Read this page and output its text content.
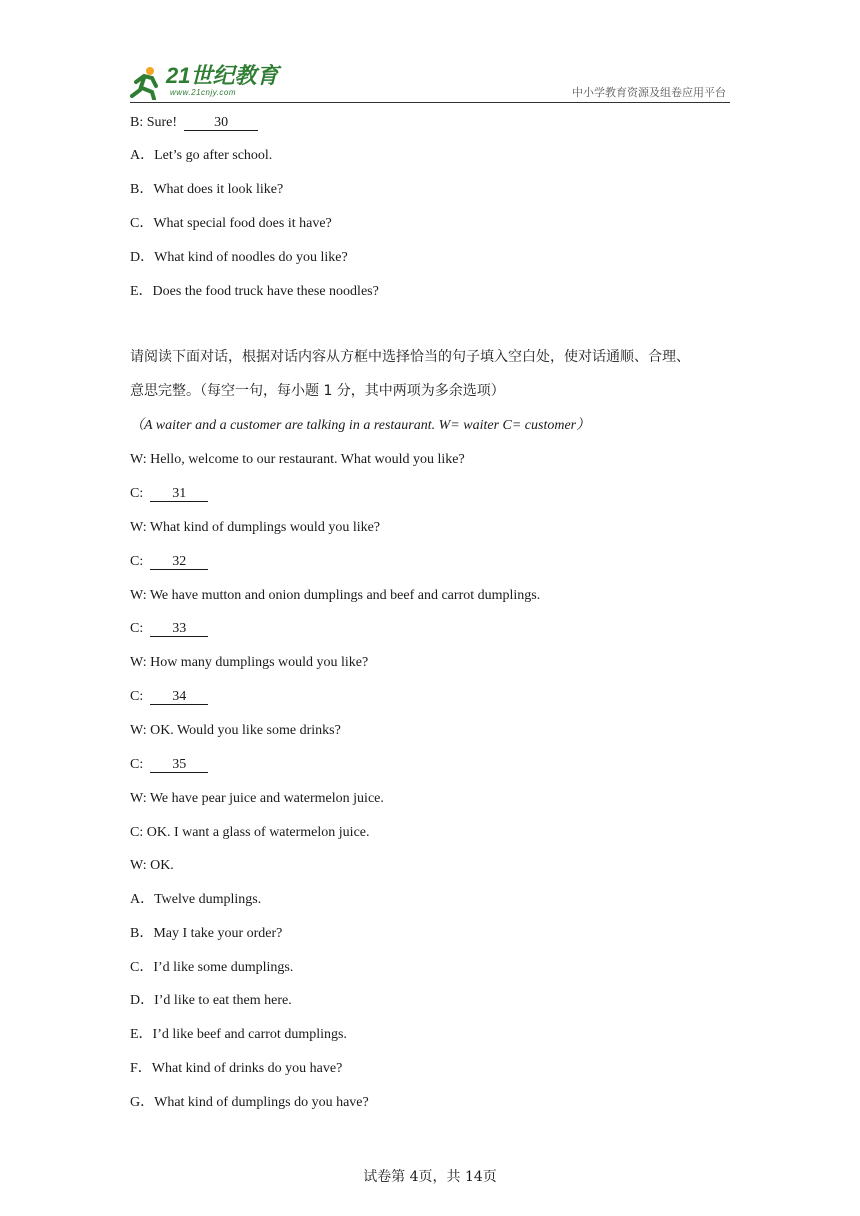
21世纪教育
www.21cnjy.com	中小学教育资源及组卷应用平台
B: Sure!	30
A．Let’s go after school.
B．What does it look like?
C．What special food does it have?
D．What kind of noodles do you like?
E．Does the food truck have these noodles?
请阅读下面对话，根据对话内容从方框中选择恰当的句子填入空白处，使对话通顺、合理、
意思完整。（每空一句，每小题 1 分，其中两项为多余选项）
（A waiter and a customer are talking in a restaurant. W= waiter C= customer）
W: Hello, welcome to our restaurant. What would you like?
C: 31
W: What kind of dumplings would you like?
C: 32
W: We have mutton and onion dumplings and beef and carrot dumplings.
C: 33
W: How many dumplings would you like?
C: 34
W: OK. Would you like some drinks?
C: 35
W: We have pear juice and watermelon juice.
C: OK. I want a glass of watermelon juice.
W: OK.
A．Twelve dumplings.
B．May I take your order?
C．I’d like some dumplings.
D．I’d like to eat them here.
E．I’d like beef and carrot dumplings.
F．What kind of drinks do you have?
G．What kind of dumplings do you have?
试卷第 4页，共 14页
